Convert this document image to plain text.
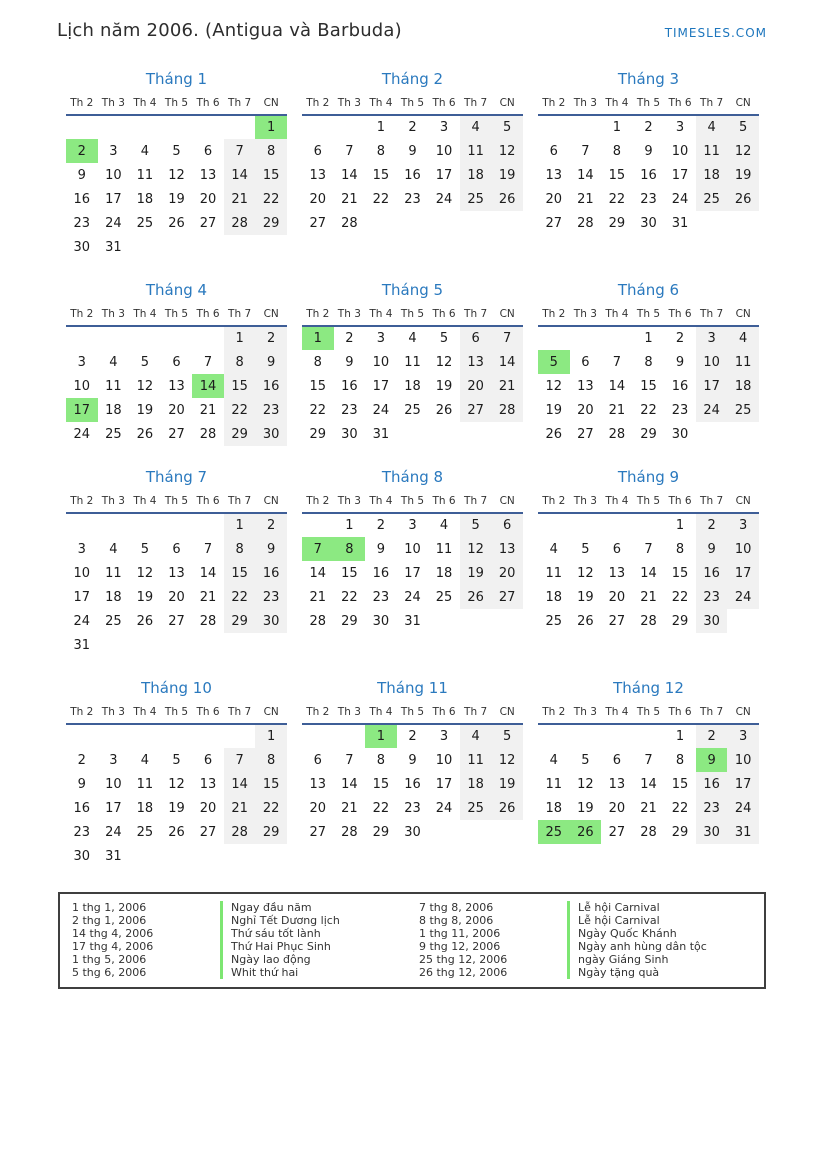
Lịch năm 2006. (Antigua và Barbuda)	TIMESLES.COM
Tháng 1
Th 2	Th 3	Th 4	Th 5	Th 6	Th 7	CN
						1
2	3	4	5	6	7	8
9	10	11	12	13	14	15
16	17	18	19	20	21	22
23	24	25	26	27	28	29
30	31					
Tháng 2
Th 2	Th 3	Th 4	Th 5	Th 6	Th 7	CN
		1	2	3	4	5
6	7	8	9	10	11	12
13	14	15	16	17	18	19
20	21	22	23	24	25	26
27	28					
Tháng 3
Th 2	Th 3	Th 4	Th 5	Th 6	Th 7	CN
		1	2	3	4	5
6	7	8	9	10	11	12
13	14	15	16	17	18	19
20	21	22	23	24	25	26
27	28	29	30	31		
Tháng 4
Th 2	Th 3	Th 4	Th 5	Th 6	Th 7	CN
					1	2
3	4	5	6	7	8	9
10	11	12	13	14	15	16
17	18	19	20	21	22	23
24	25	26	27	28	29	30
Tháng 5
Th 2	Th 3	Th 4	Th 5	Th 6	Th 7	CN
1	2	3	4	5	6	7
8	9	10	11	12	13	14
15	16	17	18	19	20	21
22	23	24	25	26	27	28
29	30	31				
Tháng 6
Th 2	Th 3	Th 4	Th 5	Th 6	Th 7	CN
			1	2	3	4
5	6	7	8	9	10	11
12	13	14	15	16	17	18
19	20	21	22	23	24	25
26	27	28	29	30		
Tháng 7
Th 2	Th 3	Th 4	Th 5	Th 6	Th 7	CN
					1	2
3	4	5	6	7	8	9
10	11	12	13	14	15	16
17	18	19	20	21	22	23
24	25	26	27	28	29	30
31						
Tháng 8
Th 2	Th 3	Th 4	Th 5	Th 6	Th 7	CN
	1	2	3	4	5	6
7	8	9	10	11	12	13
14	15	16	17	18	19	20
21	22	23	24	25	26	27
28	29	30	31			
Tháng 9
Th 2	Th 3	Th 4	Th 5	Th 6	Th 7	CN
				1	2	3
4	5	6	7	8	9	10
11	12	13	14	15	16	17
18	19	20	21	22	23	24
25	26	27	28	29	30	
Tháng 10
Th 2	Th 3	Th 4	Th 5	Th 6	Th 7	CN
						1
2	3	4	5	6	7	8
9	10	11	12	13	14	15
16	17	18	19	20	21	22
23	24	25	26	27	28	29
30	31					
Tháng 11
Th 2	Th 3	Th 4	Th 5	Th 6	Th 7	CN
		1	2	3	4	5
6	7	8	9	10	11	12
13	14	15	16	17	18	19
20	21	22	23	24	25	26
27	28	29	30			
Tháng 12
Th 2	Th 3	Th 4	Th 5	Th 6	Th 7	CN
				1	2	3
4	5	6	7	8	9	10
11	12	13	14	15	16	17
18	19	20	21	22	23	24
25	26	27	28	29	30	31
1 thg 1, 2006	Ngay đầu năm
2 thg 1, 2006	Nghỉ Tết Dương lịch
14 thg 4, 2006	Thứ sáu tốt lành
17 thg 4, 2006	Thứ Hai Phục Sinh
1 thg 5, 2006	Ngày lao động
5 thg 6, 2006	Whit thứ hai
7 thg 8, 2006	Lễ hội Carnival
8 thg 8, 2006	Lễ hội Carnival
1 thg 11, 2006	Ngày Quốc Khánh
9 thg 12, 2006	Ngày anh hùng dân tộc
25 thg 12, 2006	ngày Giáng Sinh
26 thg 12, 2006	Ngày tặng quà
